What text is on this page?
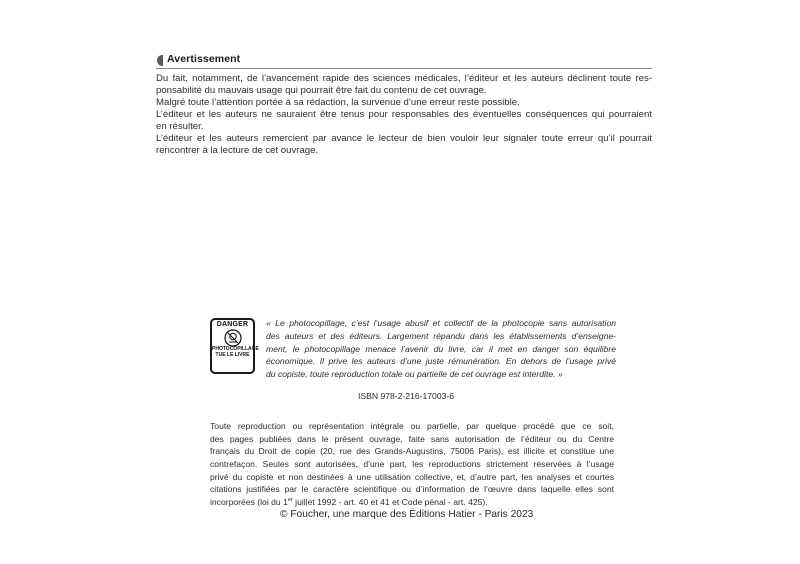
Avertissement
Du fait, notamment, de l’avancement rapide des sciences médicales, l’éditeur et les auteurs déclinent toute res-
ponsabilité du mauvais usage qui pourrait être fait du contenu de cet ouvrage.
Malgré toute l’attention portée à sa rédaction, la survenue d’une erreur reste possible.
L’éditeur et les auteurs ne sauraient être tenus pour responsables des éventuelles conséquences qui pourraient
en résulter.
L’éditeur et les auteurs remercient par avance le lecteur de bien vouloir leur signaler toute erreur qu’il pourrait
rencontrer à la lecture de cet ouvrage.
DANGER
PHOTOCOPILLAGE
TUE LE LIVRE
« Le photocopillage, c’est l’usage abusif et collectif de la photocopie sans autorisation
des auteurs et des éditeurs. Largement répandu dans les établissements d’enseigne-
ment, le photocopillage menace l’avenir du livre, car il met en danger son équilibre
économique. Il prive les auteurs d’une juste rémunération. En dehors de l’usage privé
du copiste, toute reproduction totale ou partielle de cet ouvrage est interdite. »
ISBN 978-2-216-17003-6
Toute reproduction ou représentation intégrale ou partielle, par quelque procédé que ce soit,
des pages publiées dans le présent ouvrage, faite sans autorisation de l’éditeur ou du Centre
français du Droit de copie (20, rue des Grands-Augustins, 75006 Paris), est illicite et constitue une
contrefaçon. Seules sont autorisées, d’une part, les reproductions strictement réservées à l’usage
privé du copiste et non destinées à une utilisation collective, et, d’autre part, les analyses et courtes
citations justifiées par le caractère scientifique ou d’information de l’œuvre dans laquelle elles sont
incorporées (loi du 1er juillet 1992 - art. 40 et 41 et Code pénal - art. 425).
© Foucher, une marque des Éditions Hatier - Paris 2023
